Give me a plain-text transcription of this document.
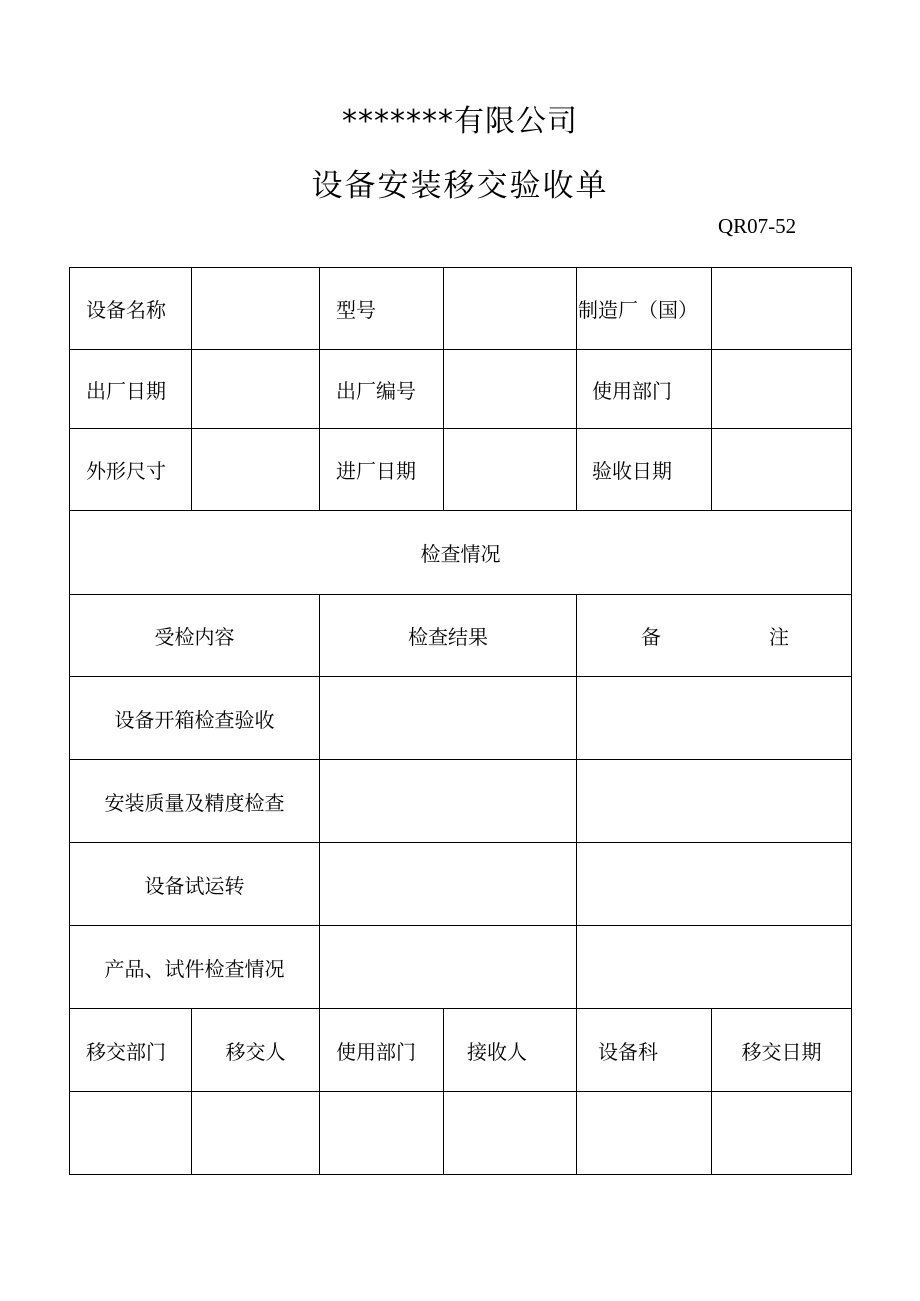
*******有限公司
设备安装移交验收单
QR07-52
设备名称		型号		制造厂（国）	
出厂日期		出厂编号		使用部门	
外形尺寸		进厂日期		验收日期	
检查情况					
受检内容		检查结果		备 注	

设备开箱检查验收					
安装质量及精度检查					
设备试运转					
产品、试件检查情况					
移交部门	移交人	使用部门	接收人	设备科	移交日期
